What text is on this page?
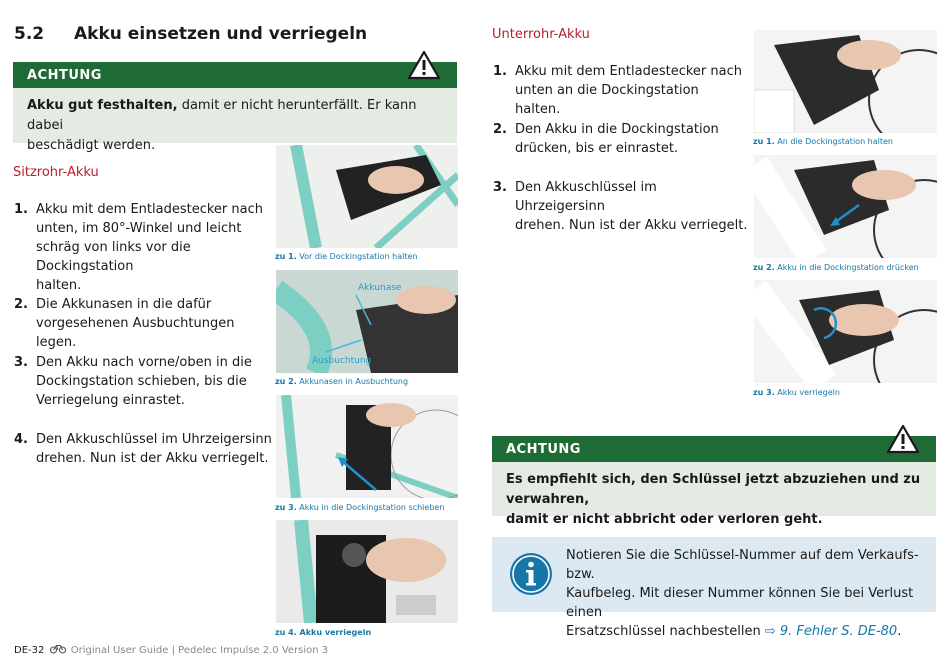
5.2 Akku einsetzen und verriegeln
ACHTUNG
Akku gut festhalten, damit er nicht herunterfällt. Er kann dabei
beschädigt werden.
Sitzrohr-Akku
1. Akku mit dem Entladestecker nach
unten, im 80°-Winkel und leicht
schräg von links vor die Dockingstation
halten.
2. Die Akkunasen in die dafür
vorgesehenen Ausbuchtungen legen.
3. Den Akku nach vorne/oben in die
Dockingstation schieben, bis die
Verriegelung einrastet.
4. Den Akkuschlüssel im Uhrzeigersinn
drehen. Nun ist der Akku verriegelt.
zu 1. Vor die Dockingstation halten
Akkunase
Ausbuchtung
zu 2. Akkunasen in Ausbuchtung
zu 3. Akku in die Dockingstation schieben
zu 4. Akku verriegeln
Unterrohr-Akku
1. Akku mit dem Entladestecker nach
unten an die Dockingstation halten.
2. Den Akku in die Dockingstation
drücken, bis er einrastet.
3. Den Akkuschlüssel im Uhrzeigersinn
drehen. Nun ist der Akku verriegelt.
zu 1. An die Dockingstation halten
zu 2. Akku in die Dockingstation drücken
zu 3. Akku verriegeln
ACHTUNG
Es empfiehlt sich, den Schlüssel jetzt abzuziehen und zu verwahren,
damit er nicht abbricht oder verloren geht.
Notieren Sie die Schlüssel-Nummer auf dem Verkaufs- bzw.
Kaufbeleg. Mit dieser Nummer können Sie bei Verlust einen
Ersatzschlüssel nachbestellen ⇨ 9. Fehler S. DE-80.
DE-32	Original User Guide | Pedelec Impulse 2.0 Version 3
